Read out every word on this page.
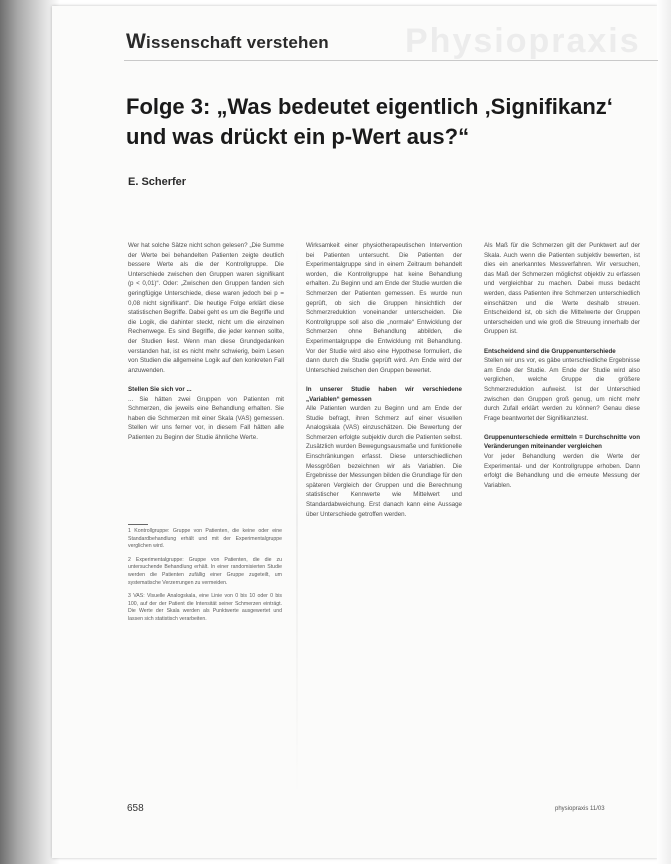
Physiopraxis
Wissenschaft verstehen
Folge 3: „Was bedeutet eigentlich ‚Signifikanz‘
und was drückt ein p-Wert aus?“
E. Scherfer

Wer hat solche Sätze nicht schon gelesen? „Die Summe der Werte bei behandelten Patienten zeigte deutlich bessere Werte als die der Kontrollgruppe. Die Unterschiede zwischen den Gruppen waren signifikant (p < 0,01)“. Oder: „Zwischen den Gruppen fanden sich geringfügige Unterschiede, diese waren jedoch bei p = 0,08 nicht signifikant“. Die heutige Folge erklärt diese statistischen Begriffe. Dabei geht es um die Begriffe und die Logik, die dahinter steckt, nicht um die einzelnen Rechenwege. Es sind Begriffe, die jeder kennen sollte, der Studien liest. Wenn man diese Grundgedanken verstanden hat, ist es nicht mehr schwierig, beim Lesen von Studien die allgemeine Logik auf den konkreten Fall anzuwenden.

Stellen Sie sich vor ...

... Sie hätten zwei Gruppen von Patienten mit Schmerzen, die jeweils eine Behandlung erhalten. Sie haben die Schmerzen mit einer Skala (VAS) gemessen. Stellen wir uns ferner vor, in diesem Fall hätten alle Patienten zu Beginn der Studie ähnliche Werte.

Wirksamkeit einer physiotherapeutischen Intervention bei Patienten untersucht. Die Patienten der Experimentalgruppe sind in einem Zeitraum behandelt worden, die Kontrollgruppe hat keine Behandlung erhalten. Zu Beginn und am Ende der Studie wurden die Schmerzen der Patienten gemessen. Es wurde nun geprüft, ob sich die Gruppen hinsichtlich der Schmerzreduktion voneinander unterscheiden. Die Kontrollgruppe soll also die „normale“ Entwicklung der Schmerzen ohne Behandlung abbilden, die Experimentalgruppe die Entwicklung mit Behandlung. Vor der Studie wird also eine Hypothese formuliert, die dann durch die Studie geprüft wird. Am Ende wird der Unterschied zwischen den Gruppen bewertet.

In unserer Studie haben wir verschiedene „Variablen“ gemessen

Alle Patienten wurden zu Beginn und am Ende der Studie befragt, ihren Schmerz auf einer visuellen Analogskala (VAS) einzuschätzen. Die Bewertung der Schmerzen erfolgte subjektiv durch die Patienten selbst. Zusätzlich wurden Bewegungsausmaße und funktionelle Einschränkungen erfasst. Diese unterschiedlichen Messgrößen bezeichnen wir als Variablen. Die Ergebnisse der Messungen bilden die Grundlage für den späteren Vergleich der Gruppen und die Berechnung statistischer Kennwerte wie Mittelwert und Standardabweichung. Erst danach kann eine Aussage über Unterschiede getroffen werden.

Als Maß für die Schmerzen gilt der Punktwert auf der Skala. Auch wenn die Patienten subjektiv bewerten, ist dies ein anerkanntes Messverfahren. Wir versuchen, das Maß der Schmerzen möglichst objektiv zu erfassen und vergleichbar zu machen. Dabei muss bedacht werden, dass Patienten ihre Schmerzen unterschiedlich einschätzen und die Werte deshalb streuen. Entscheidend ist, ob sich die Mittelwerte der Gruppen unterscheiden und wie groß die Streuung innerhalb der Gruppen ist.

Entscheidend sind die Gruppenunterschiede

Stellen wir uns vor, es gäbe unterschiedliche Ergebnisse am Ende der Studie. Am Ende der Studie wird also verglichen, welche Gruppe die größere Schmerzreduktion aufweist. Ist der Unterschied zwischen den Gruppen groß genug, um nicht mehr durch Zufall erklärt werden zu können? Genau diese Frage beantwortet der Signifikanztest.

Gruppenunterschiede ermitteln = Durchschnitte von Veränderungen miteinander vergleichen

Vor jeder Behandlung werden die Werte der Experimental- und der Kontrollgruppe erhoben. Dann erfolgt die Behandlung und die erneute Messung der Variablen.

1 Kontrollgruppe: Gruppe von Patienten, die keine oder eine Standardbehandlung erhält und mit der Experimentalgruppe verglichen wird.

2 Experimentalgruppe: Gruppe von Patienten, die die zu untersuchende Behandlung erhält. In einer randomisierten Studie werden die Patienten zufällig einer Gruppe zugeteilt, um systematische Verzerrungen zu vermeiden.

3 VAS: Visuelle Analogskala, eine Linie von 0 bis 10 oder 0 bis 100, auf der der Patient die Intensität seiner Schmerzen einträgt. Die Werte der Skala werden als Punktwerte ausgewertet und lassen sich statistisch verarbeiten.

658	physiopraxis 11/03
